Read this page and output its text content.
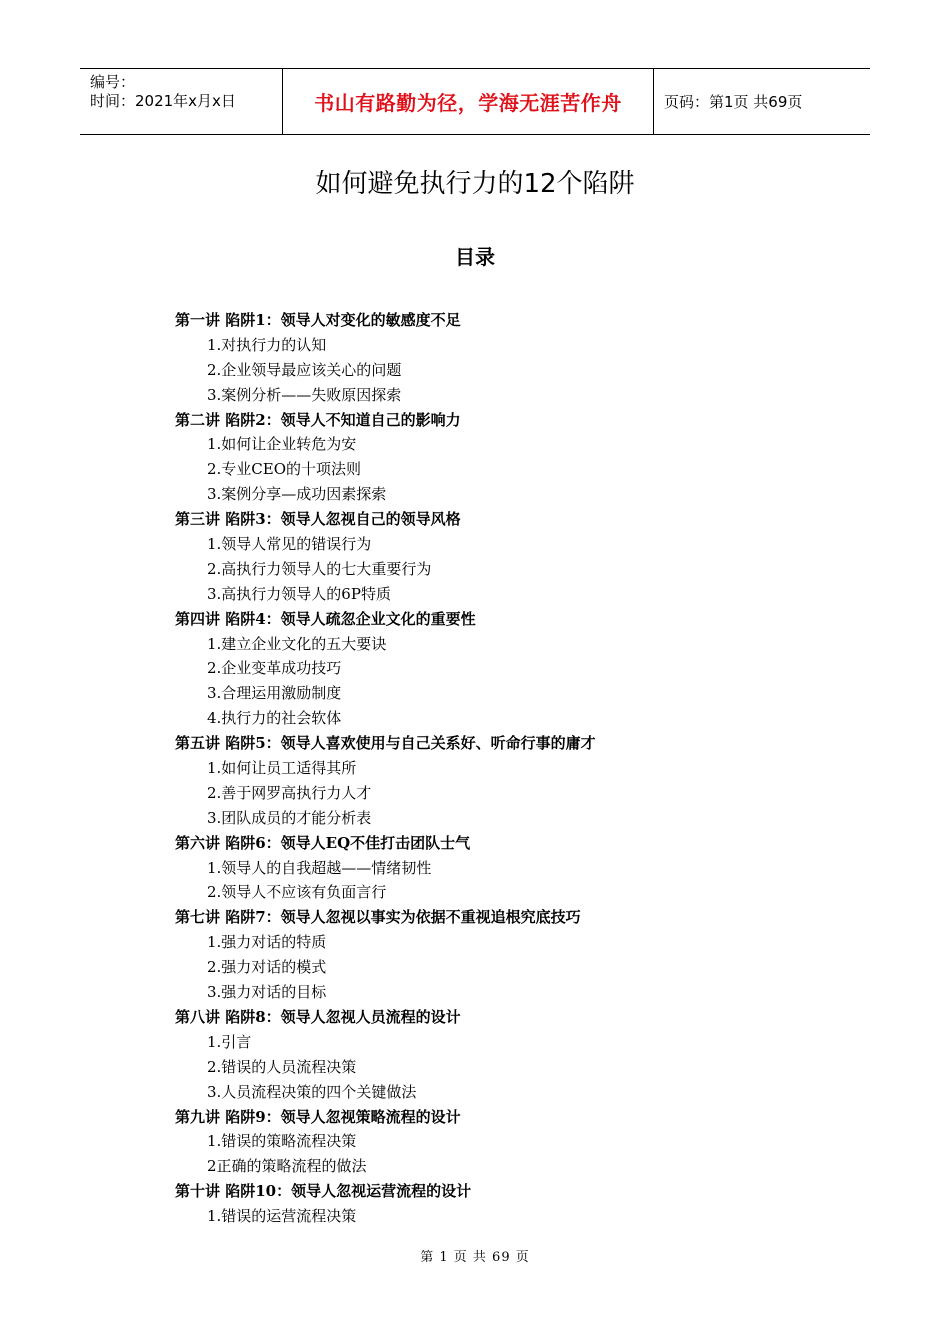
编号：
时间：2021年x月x日	书山有路勤为径，学海无涯苦作舟	页码：第1页 共69页
如何避免执行力的12个陷阱
目录
第一讲 陷阱1：领导人对变化的敏感度不足
1.对执行力的认知
2.企业领导最应该关心的问题
3.案例分析——失败原因探索
第二讲 陷阱2：领导人不知道自己的影响力
1.如何让企业转危为安
2.专业CEO的十项法则
3.案例分享—成功因素探索
第三讲 陷阱3：领导人忽视自己的领导风格
1.领导人常见的错误行为
2.高执行力领导人的七大重要行为
3.高执行力领导人的6P特质
第四讲 陷阱4：领导人疏忽企业文化的重要性
1.建立企业文化的五大要诀
2.企业变革成功技巧
3.合理运用激励制度
4.执行力的社会软体
第五讲 陷阱5：领导人喜欢使用与自己关系好、听命行事的庸才
1.如何让员工适得其所
2.善于网罗高执行力人才
3.团队成员的才能分析表
第六讲 陷阱6：领导人EQ不佳打击团队士气
1.领导人的自我超越——情绪韧性
2.领导人不应该有负面言行
第七讲 陷阱7：领导人忽视以事实为依据不重视追根究底技巧
1.强力对话的特质
2.强力对话的模式
3.强力对话的目标
第八讲 陷阱8：领导人忽视人员流程的设计
1.引言
2.错误的人员流程决策
3.人员流程决策的四个关键做法
第九讲 陷阱9：领导人忽视策略流程的设计
1.错误的策略流程决策
2正确的策略流程的做法
第十讲 陷阱10：领导人忽视运营流程的设计
1.错误的运营流程决策
第 1 页 共 69 页
